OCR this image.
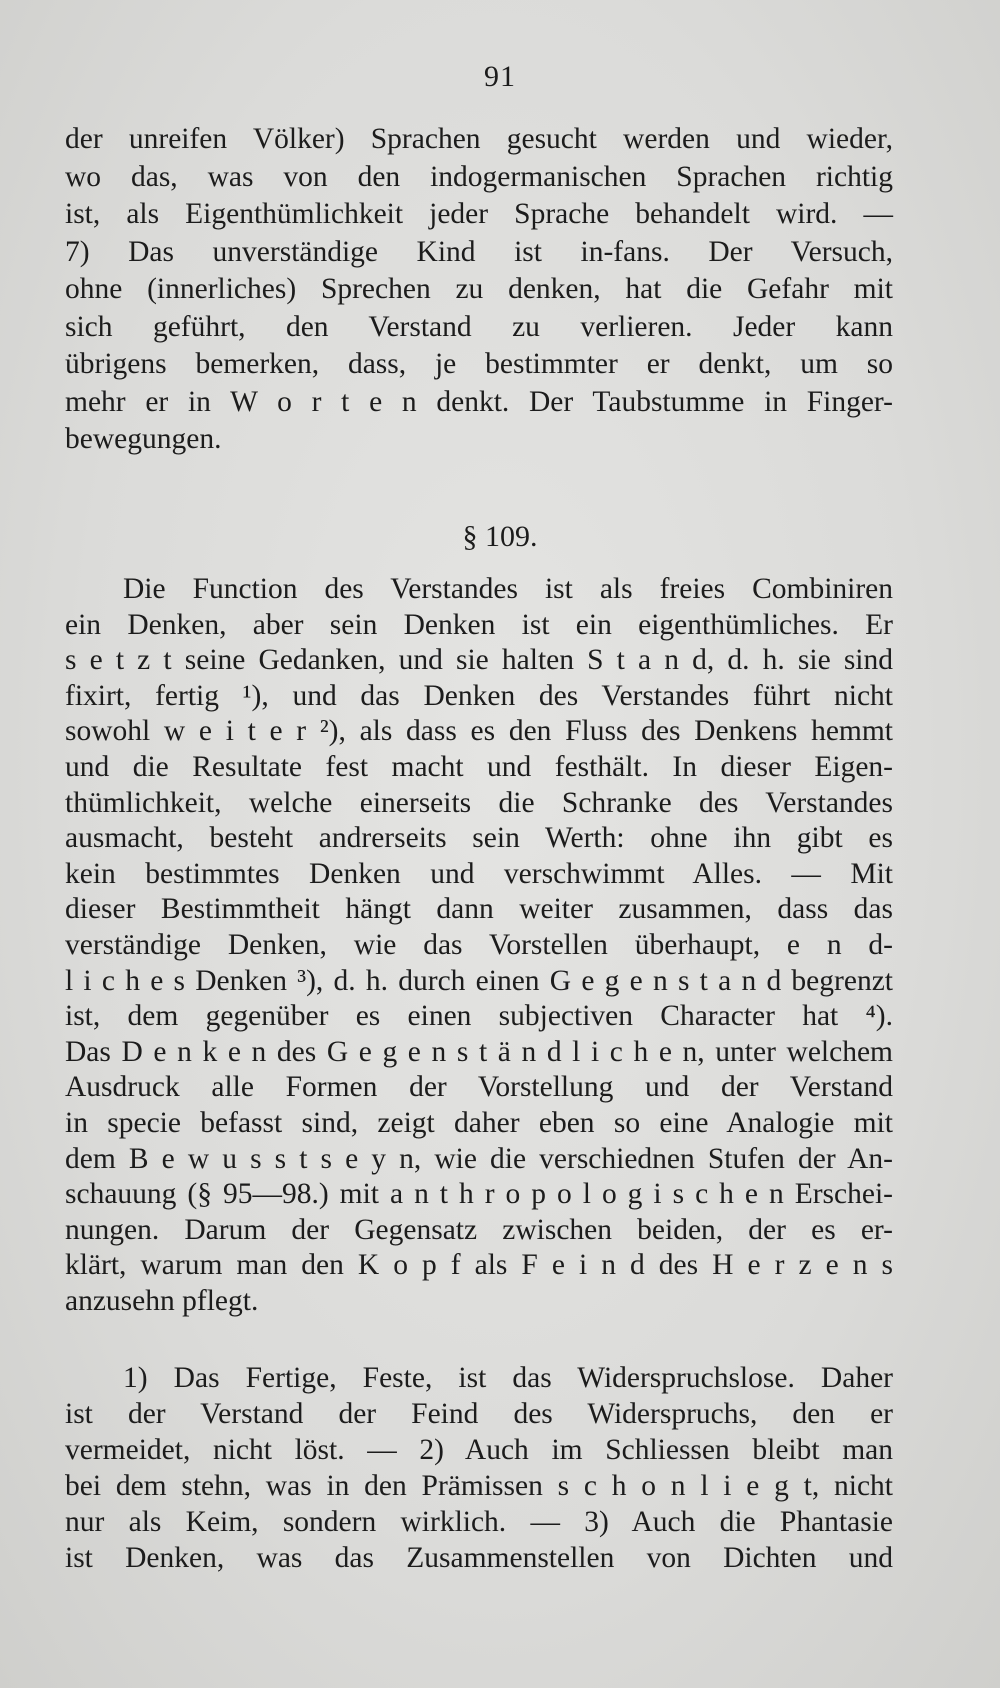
91
der unreifen Völker) Sprachen gesucht werden und wieder,
wo das, was von den indogermanischen Sprachen richtig
ist, als Eigenthümlichkeit jeder Sprache behandelt wird. —
7) Das unverständige Kind ist in-fans. Der Versuch,
ohne (innerliches) Sprechen zu denken, hat die Gefahr mit
sich geführt, den Verstand zu verlieren. Jeder kann
übrigens bemerken, dass, je bestimmter er denkt, um so
mehr er in W o r t e n denkt. Der Taubstumme in Finger-
bewegungen.
§ 109.
Die Function des Verstandes ist als freies Combiniren
ein Denken, aber sein Denken ist ein eigenthümliches. Er
s e t z t seine Gedanken, und sie halten S t a n d, d. h. sie sind
fixirt, fertig ¹), und das Denken des Verstandes führt nicht
sowohl w e i t e r ²), als dass es den Fluss des Denkens hemmt
und die Resultate fest macht und festhält. In dieser Eigen-
thümlichkeit, welche einerseits die Schranke des Verstandes
ausmacht, besteht andrerseits sein Werth: ohne ihn gibt es
kein bestimmtes Denken und verschwimmt Alles. — Mit
dieser Bestimmtheit hängt dann weiter zusammen, dass das
verständige Denken, wie das Vorstellen überhaupt, e n d-
l i c h e s Denken ³), d. h. durch einen G e g e n s t a n d begrenzt
ist, dem gegenüber es einen subjectiven Character hat ⁴).
Das D e n k e n des G e g e n s t ä n d l i c h e n, unter welchem
Ausdruck alle Formen der Vorstellung und der Verstand
in specie befasst sind, zeigt daher eben so eine Analogie mit
dem B e w u s s t s e y n, wie die verschiednen Stufen der An-
schauung (§ 95—98.) mit a n t h r o p o l o g i s c h e n Erschei-
nungen. Darum der Gegensatz zwischen beiden, der es er-
klärt, warum man den K o p f als F e i n d des H e r z e n s
anzusehn pflegt.
1) Das Fertige, Feste, ist das Widerspruchslose. Daher
ist der Verstand der Feind des Widerspruchs, den er
vermeidet, nicht löst. — 2) Auch im Schliessen bleibt man
bei dem stehn, was in den Prämissen s c h o n l i e g t, nicht
nur als Keim, sondern wirklich. — 3) Auch die Phantasie
ist Denken, was das Zusammenstellen von Dichten und
